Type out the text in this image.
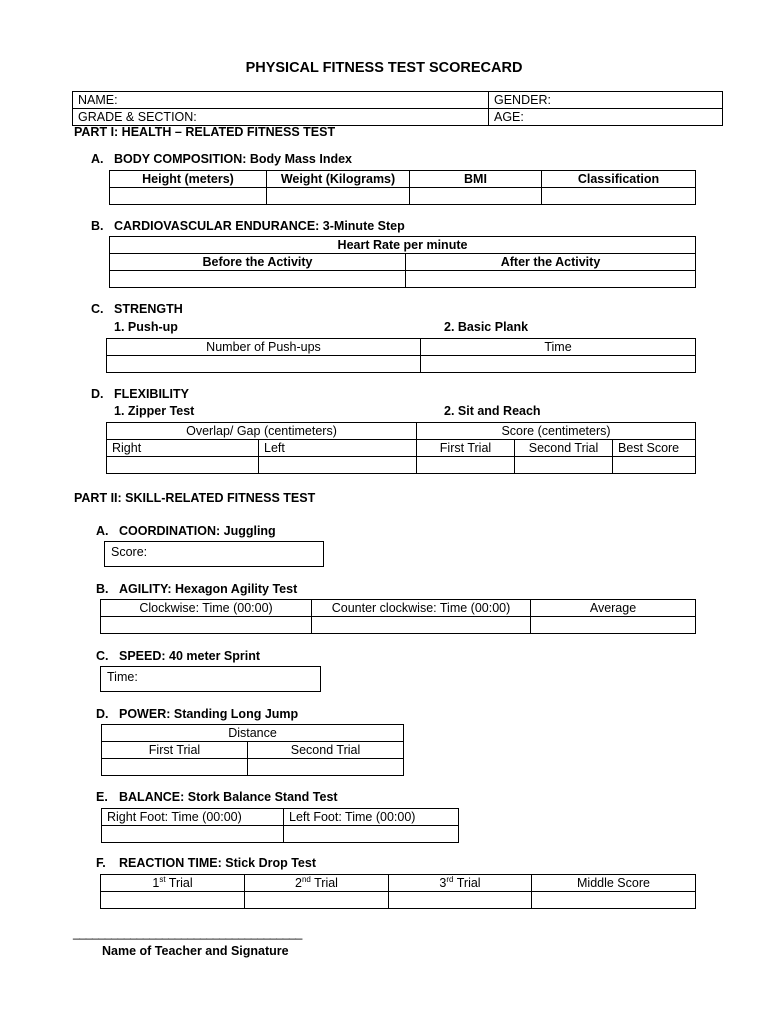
PHYSICAL FITNESS TEST SCORECARD
NAME:	GENDER:
GRADE & SECTION:	AGE:
PART I: HEALTH – RELATED FITNESS TEST
A. BODY COMPOSITION: Body Mass Index
Height (meters)	Weight (Kilograms)	BMI	Classification

B. CARDIOVASCULAR ENDURANCE: 3-Minute Step
Heart Rate per minute	
Before the Activity	After the Activity

C. STRENGTH
1. Push-up	2. Basic Plank
Number of Push-ups	Time

D. FLEXIBILITY
1. Zipper Test	2. Sit and Reach
Overlap/ Gap (centimeters)		Score (centimeters)		
Right	Left	First Trial	Second Trial	Best Score

PART II: SKILL-RELATED FITNESS TEST
A. COORDINATION: Juggling
Score:
B. AGILITY: Hexagon Agility Test
Clockwise: Time (00:00)	Counter clockwise: Time (00:00)	Average

C. SPEED: 40 meter Sprint
Time:
D. POWER: Standing Long Jump
Distance	
First Trial	Second Trial

E. BALANCE: Stork Balance Stand Test
Right Foot: Time (00:00)	Left Foot: Time (00:00)

F. REACTION TIME: Stick Drop Test
1st Trial	2nd Trial	3rd Trial	Middle Score

____________________________________
Name of Teacher and Signature
